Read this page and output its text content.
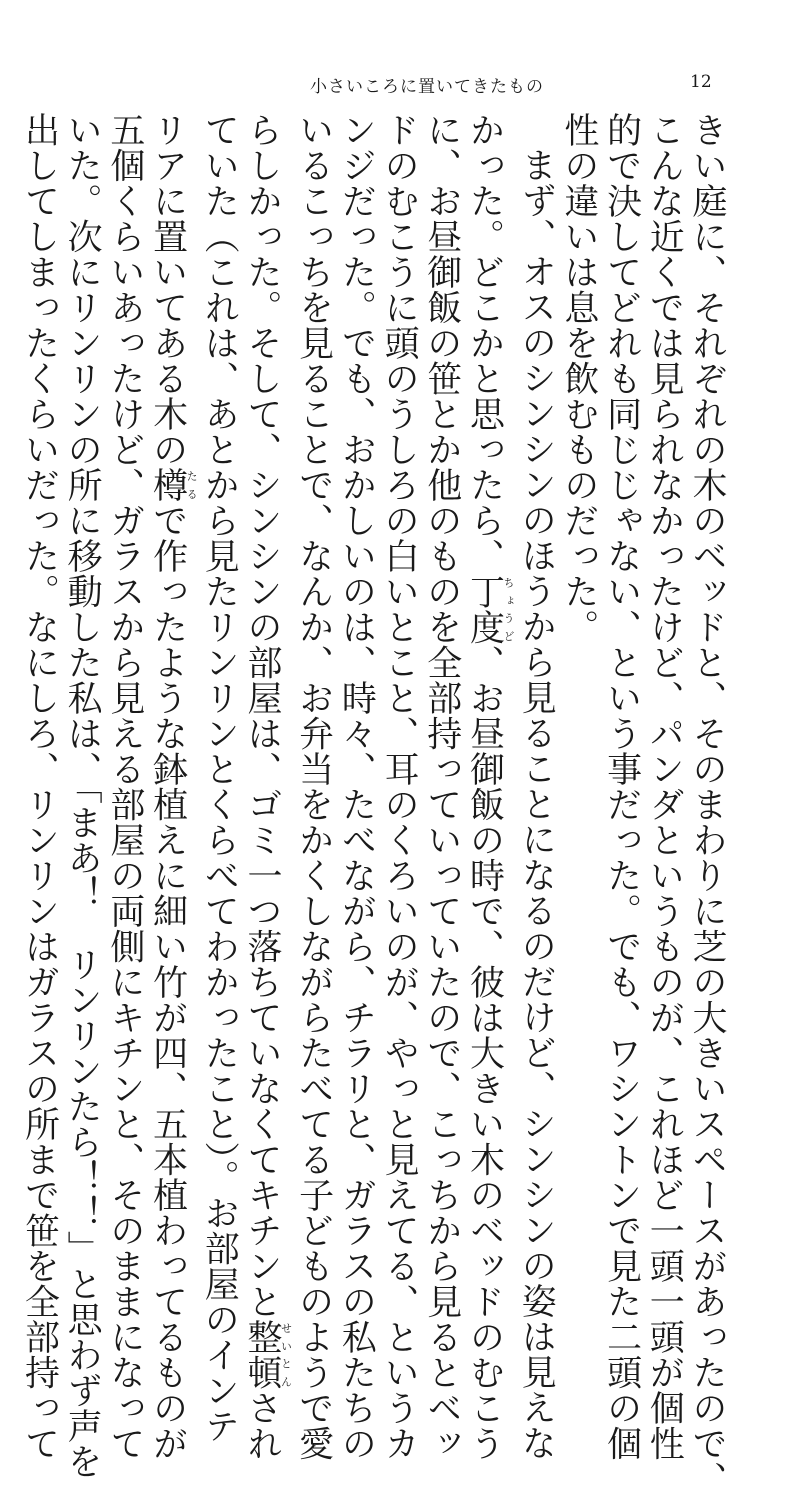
小さいころに置いてきたもの	12
きい庭に、それぞれの木のベッドと、そのまわりに芝の大きいスペースがあったので、
こんな近くでは見られなかったけど、パンダというものが、これほど一頭一頭が個性
的で決してどれも同じじゃない、という事だった。でも、ワシントンで見た二頭の個
性の違いは息を飲むものだった。
まず、オスのシンシンのほうから見ることになるのだけど、シンシンの姿は見えな
かった。どこかと思ったら、丁度ちょうど、お昼御飯の時で、彼は大きい木のベッドのむこう
に、お昼御飯の笹とか他のものを全部持っていっていたので、こっちから見るとベッ
ドのむこうに頭のうしろの白いとこと、耳のくろいのが、やっと見えてる、というカ
ンジだった。でも、おかしいのは、時々、たべながら、チラリと、ガラスの私たちの
いるこっちを見ることで、なんか、お弁当をかくしながらたべてる子どものようで愛
らしかった。そして、シンシンの部屋は、ゴミ一つ落ちていなくてキチンと整頓せいとんされ
ていた（これは、あとから見たリンリンとくらべてわかったこと）。お部屋のインテ
リアに置いてある木の樽たるで作ったような鉢植えに細い竹が四、五本植わってるものが
五個くらいあったけど、ガラスから見える部屋の両側にキチンと、そのままになって
いた。次にリンリンの所に移動した私は、「まあ！　リンリンたら！！」と思わず声を
出してしまったくらいだった。なにしろ、リンリンはガラスの所まで笹を全部持って
